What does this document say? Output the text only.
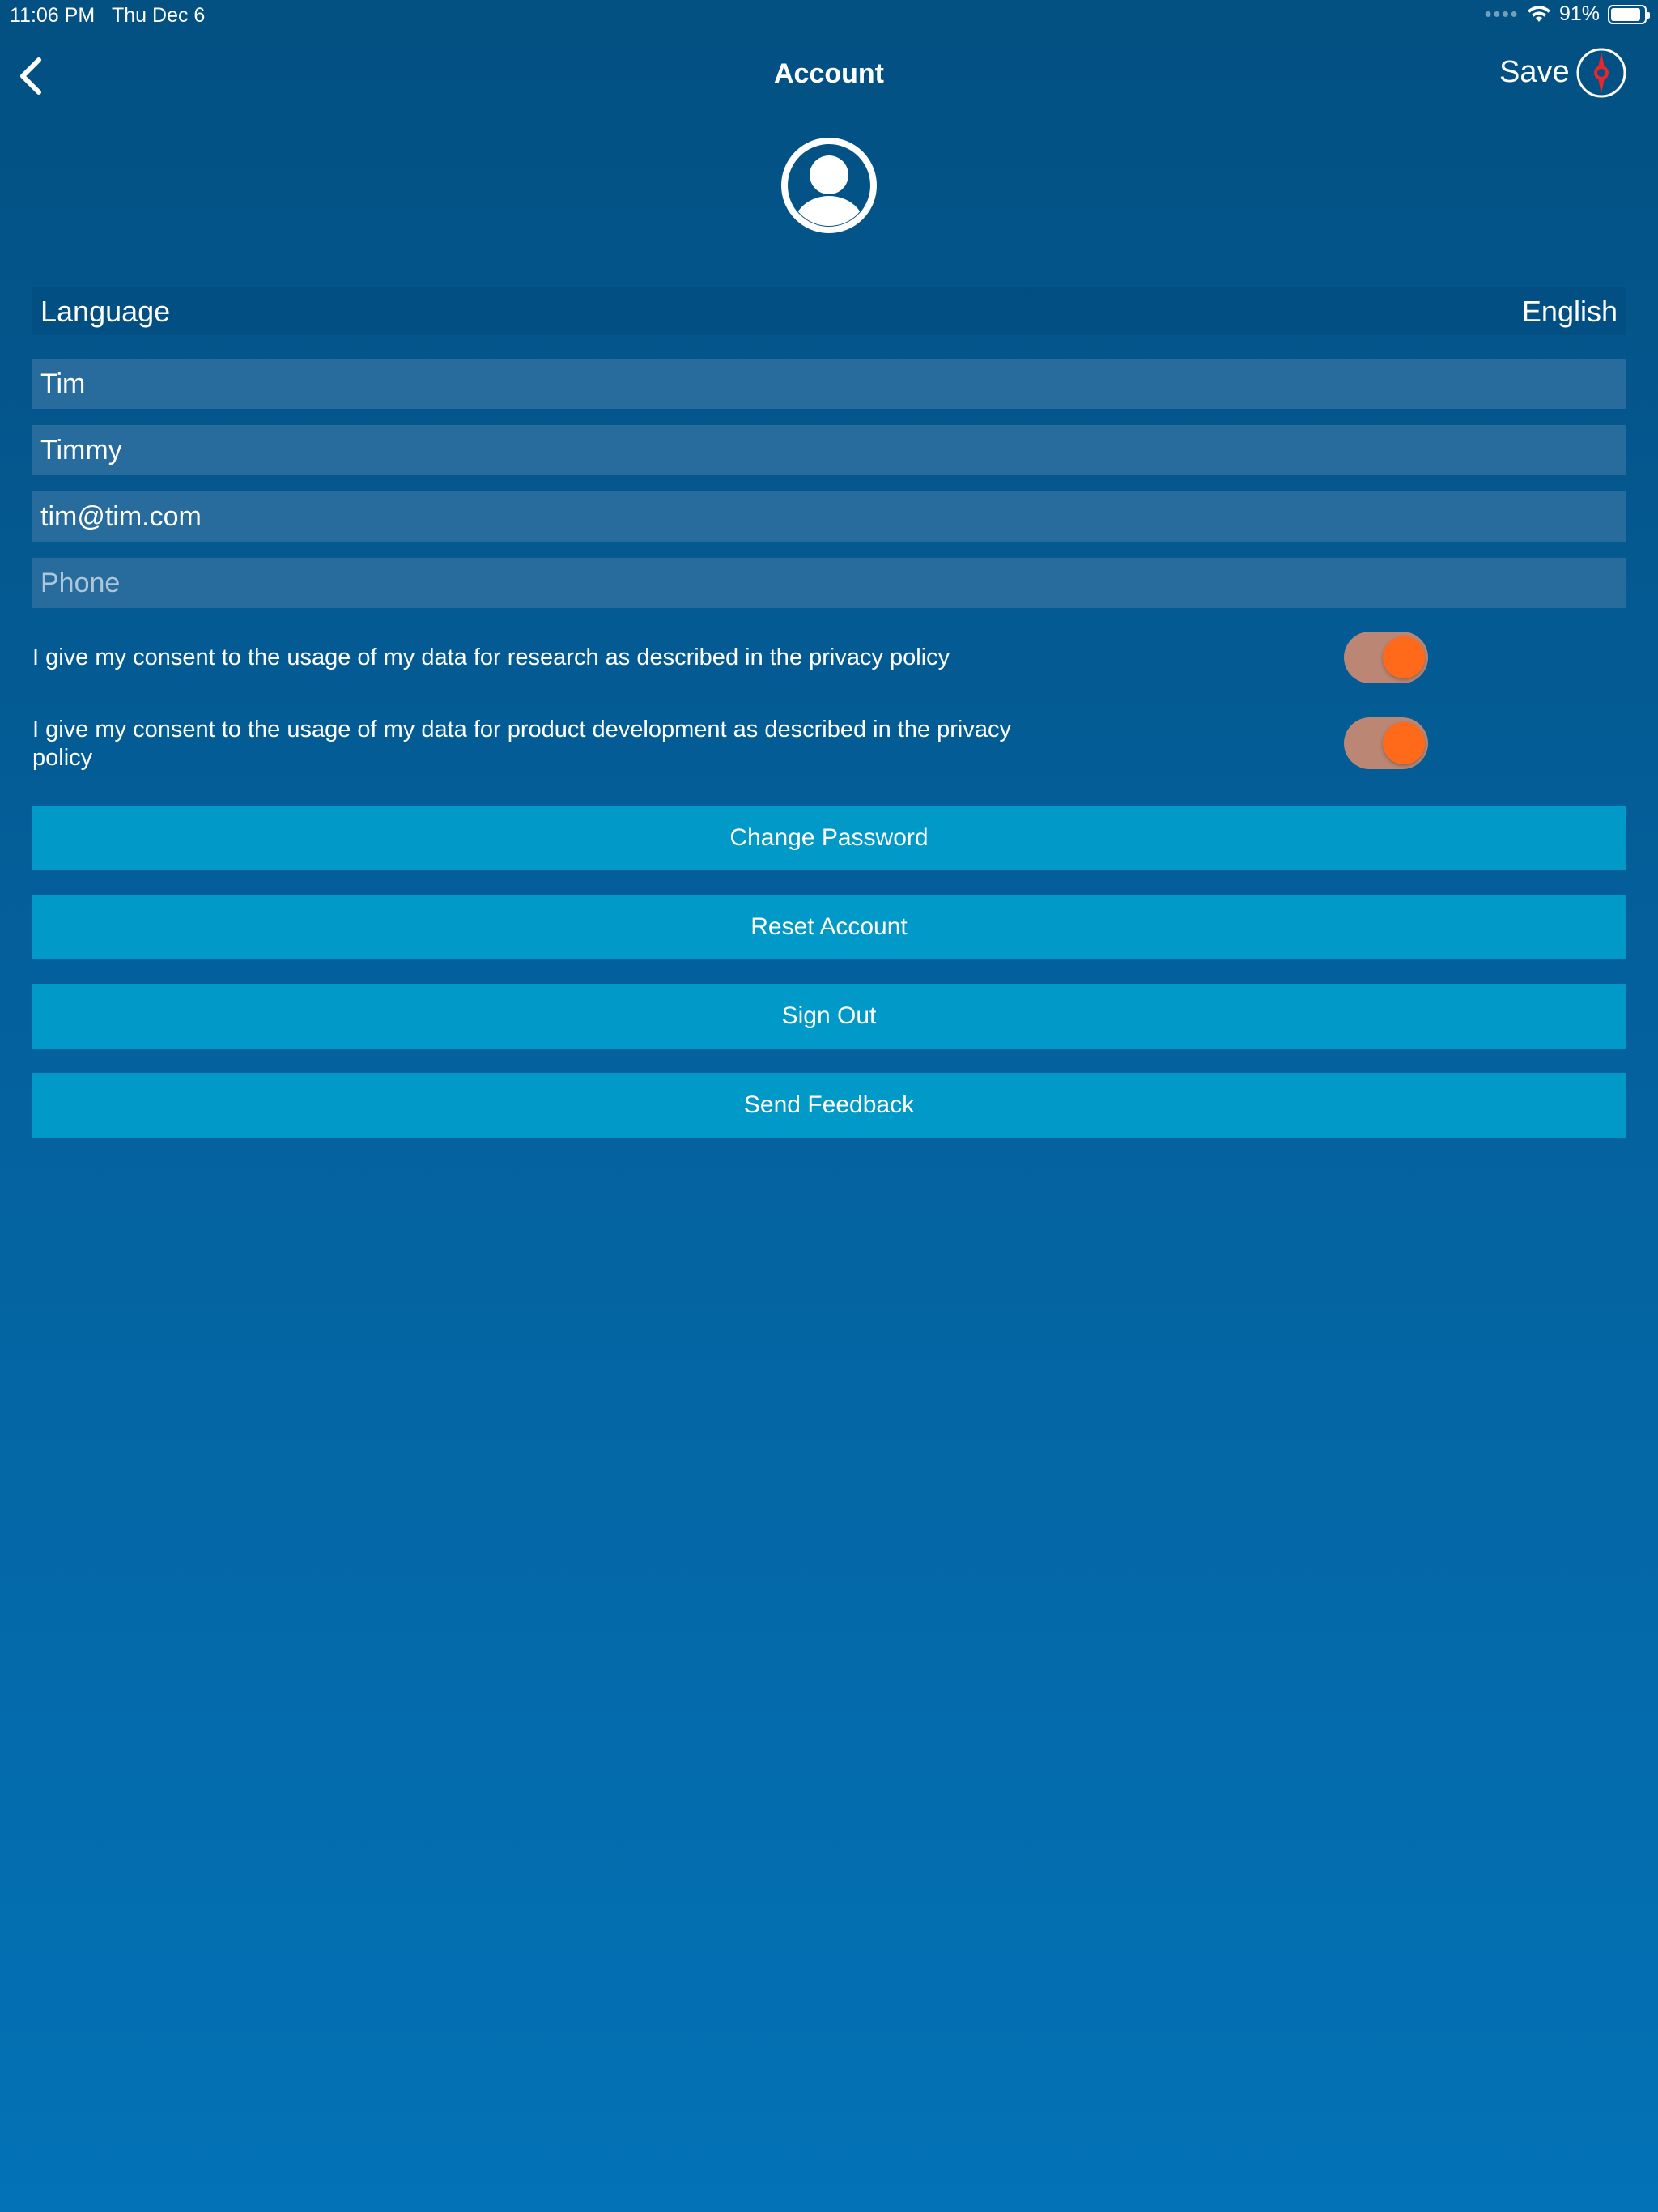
11:06 PM Thu Dec 6	●●●● 91%
Account	Save
Language	English
Tim
Timmy
tim@tim.com
Phone
I give my consent to the usage of my data for research as described in the privacy policy
I give my consent to the usage of my data for product development as described in the privacy policy
Change Password
Reset Account
Sign Out
Send Feedback
